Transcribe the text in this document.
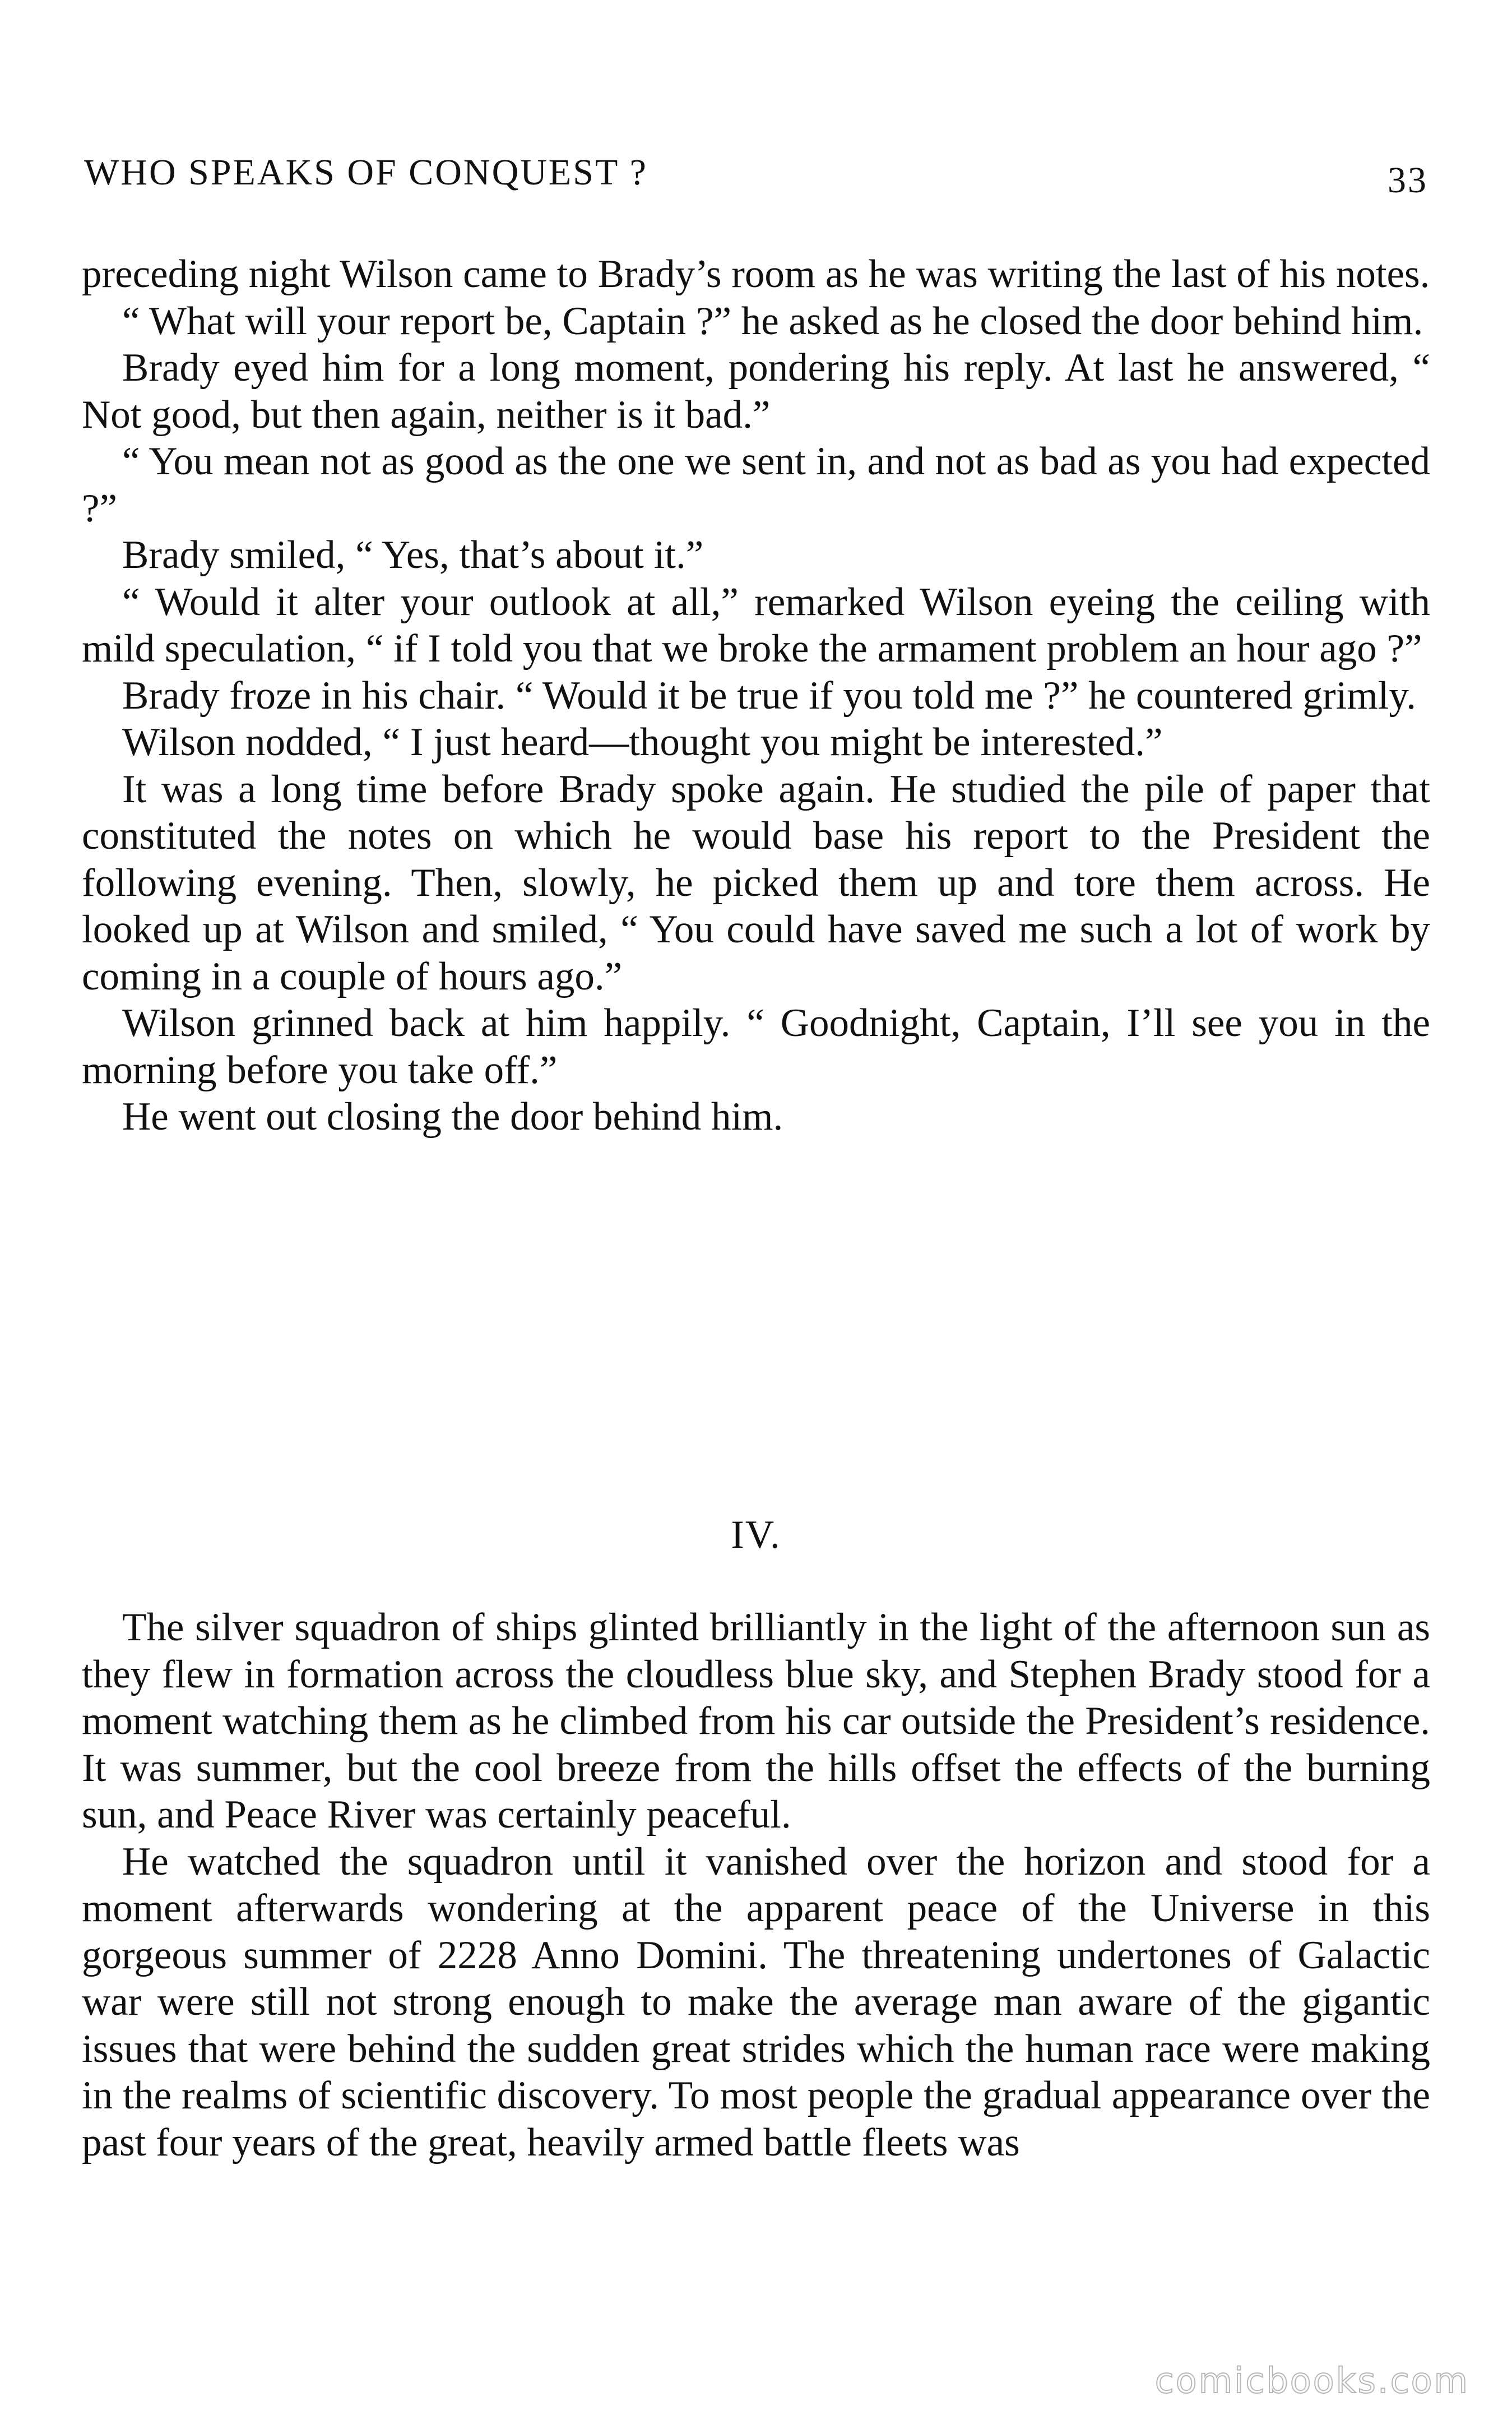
WHO SPEAKS OF CONQUEST ?	33

preceding night Wilson came to Brady’s room as he was writing the last of his notes.

“ What will your report be, Captain ?” he asked as he closed the door behind him.

Brady eyed him for a long moment, pondering his reply. At last he answered, “ Not good, but then again, neither is it bad.”

“ You mean not as good as the one we sent in, and not as bad as you had expected ?”

Brady smiled, “ Yes, that’s about it.”

“ Would it alter your outlook at all,” remarked Wilson eyeing the ceiling with mild speculation, “ if I told you that we broke the armament problem an hour ago ?”

Brady froze in his chair. “ Would it be true if you told me ?” he countered grimly.

Wilson nodded, “ I just heard—thought you might be interested.”

It was a long time before Brady spoke again. He studied the pile of paper that constituted the notes on which he would base his report to the President the following evening. Then, slowly, he picked them up and tore them across. He looked up at Wilson and smiled, “ You could have saved me such a lot of work by coming in a couple of hours ago.”

Wilson grinned back at him happily. “ Goodnight, Captain, I’ll see you in the morning before you take off.”

He went out closing the door behind him.

IV.

The silver squadron of ships glinted brilliantly in the light of the afternoon sun as they flew in formation across the cloudless blue sky, and Stephen Brady stood for a moment watching them as he climbed from his car outside the President’s residence. It was summer, but the cool breeze from the hills offset the effects of the burning sun, and Peace River was certainly peaceful.

He watched the squadron until it vanished over the horizon and stood for a moment afterwards wondering at the apparent peace of the Universe in this gorgeous summer of 2228 Anno Domini. The threatening undertones of Galactic war were still not strong enough to make the average man aware of the gigantic issues that were behind the sudden great strides which the human race were making in the realms of scientific discovery. To most people the gradual appearance over the past four years of the great, heavily armed battle fleets was

comicbooks.com
